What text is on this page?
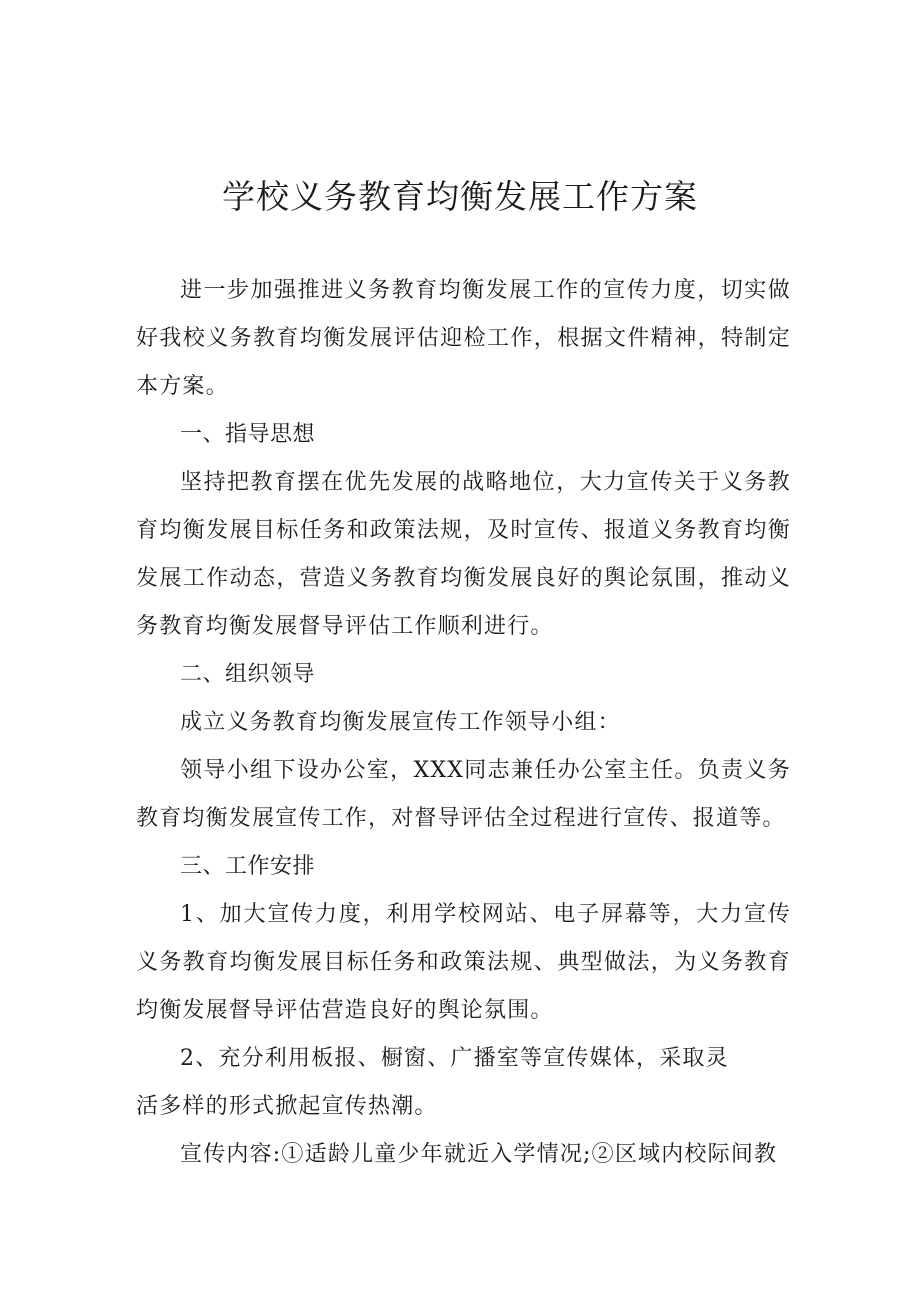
学校义务教育均衡发展工作方案

进一步加强推进义务教育均衡发展工作的宣传力度，切实做好我校义务教育均衡发展评估迎检工作，根据文件精神，特制定本方案。

一、指导思想

坚持把教育摆在优先发展的战略地位，大力宣传关于义务教育均衡发展目标任务和政策法规，及时宣传、报道义务教育均衡发展工作动态，营造义务教育均衡发展良好的舆论氛围，推动义务教育均衡发展督导评估工作顺利进行。

二、组织领导

成立义务教育均衡发展宣传工作领导小组：

领导小组下设办公室，XXX同志兼任办公室主任。负责义务教育均衡发展宣传工作，对督导评估全过程进行宣传、报道等。

三、工作安排

1、加大宣传力度，利用学校网站、电子屏幕等，大力宣传义务教育均衡发展目标任务和政策法规、典型做法，为义务教育均衡发展督导评估营造良好的舆论氛围。

2、充分利用板报、橱窗、广播室等宣传媒体，采取灵

活多样的形式掀起宣传热潮。

宣传内容:①适龄儿童少年就近入学情况;②区域内校际间教
